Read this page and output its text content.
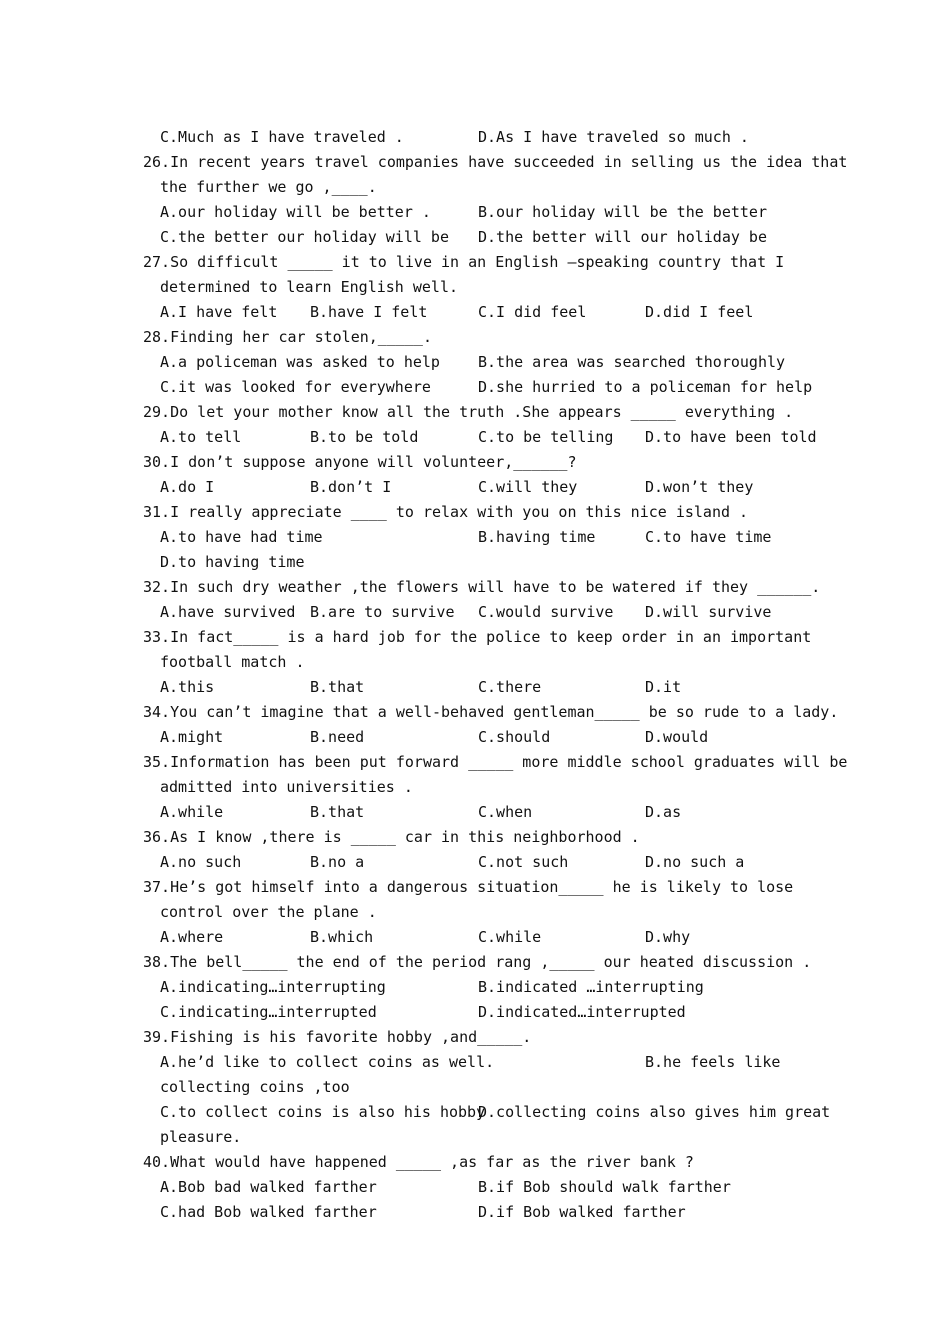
C.Much as I have traveled .	D.As I have traveled so much .
26.In recent years travel companies have succeeded in selling us the idea that
the further we go ,____.
A.our holiday will be better .	B.our holiday will be the better
C.the better our holiday will be D.the better will our holiday be
27.So difficult _____ it to live in an English –speaking country that I
determined to learn English well.
A.I have felt B.have I felt	C.I did feel	D.did I feel
28.Finding her car stolen,_____.
A.a policeman was asked to help	B.the area was searched thoroughly
C.it was looked for everywhere	D.she hurried to a policeman for help
29.Do let your mother know all the truth .She appears _____ everything .
A.to tell	B.to be told	C.to be telling D.to have been told
30.I don’t suppose anyone will volunteer,______?
A.do I	B.don’t I	C.will they	D.won’t they
31.I really appreciate ____ to relax with you on this nice island .
A.to have had time	B.having time	C.to have time
D.to having time
32.In such dry weather ,the flowers will have to be watered if they ______.
A.have survived B.are to survive C.would survive D.will survive
33.In fact_____ is a hard job for the police to keep order in an important
football match .
A.this	B.that	C.there	D.it
34.You can’t imagine that a well-behaved gentleman_____ be so rude to a lady.
A.might	B.need	C.should	D.would
35.Information has been put forward _____ more middle school graduates will be
admitted into universities .
A.while	B.that	C.when	D.as
36.As I know ,there is _____ car in this neighborhood .
A.no such	B.no a	C.not such	D.no such a
37.He’s got himself into a dangerous situation_____ he is likely to lose
control over the plane .
A.where	B.which	C.while	D.why
38.The bell_____ the end of the period rang ,_____ our heated discussion .
A.indicating…interrupting	B.indicated …interrupting
C.indicating…interrupted	D.indicated…interrupted
39.Fishing is his favorite hobby ,and_____.
A.he’d like to collect coins as well.	B.he feels like
collecting coins ,too
C.to collect coins is also his hobby
D.collecting coins also gives him great
pleasure.
40.What would have happened _____ ,as far as the river bank ?
A.Bob bad walked farther	B.if Bob should walk farther
C.had Bob walked farther	D.if Bob walked farther
